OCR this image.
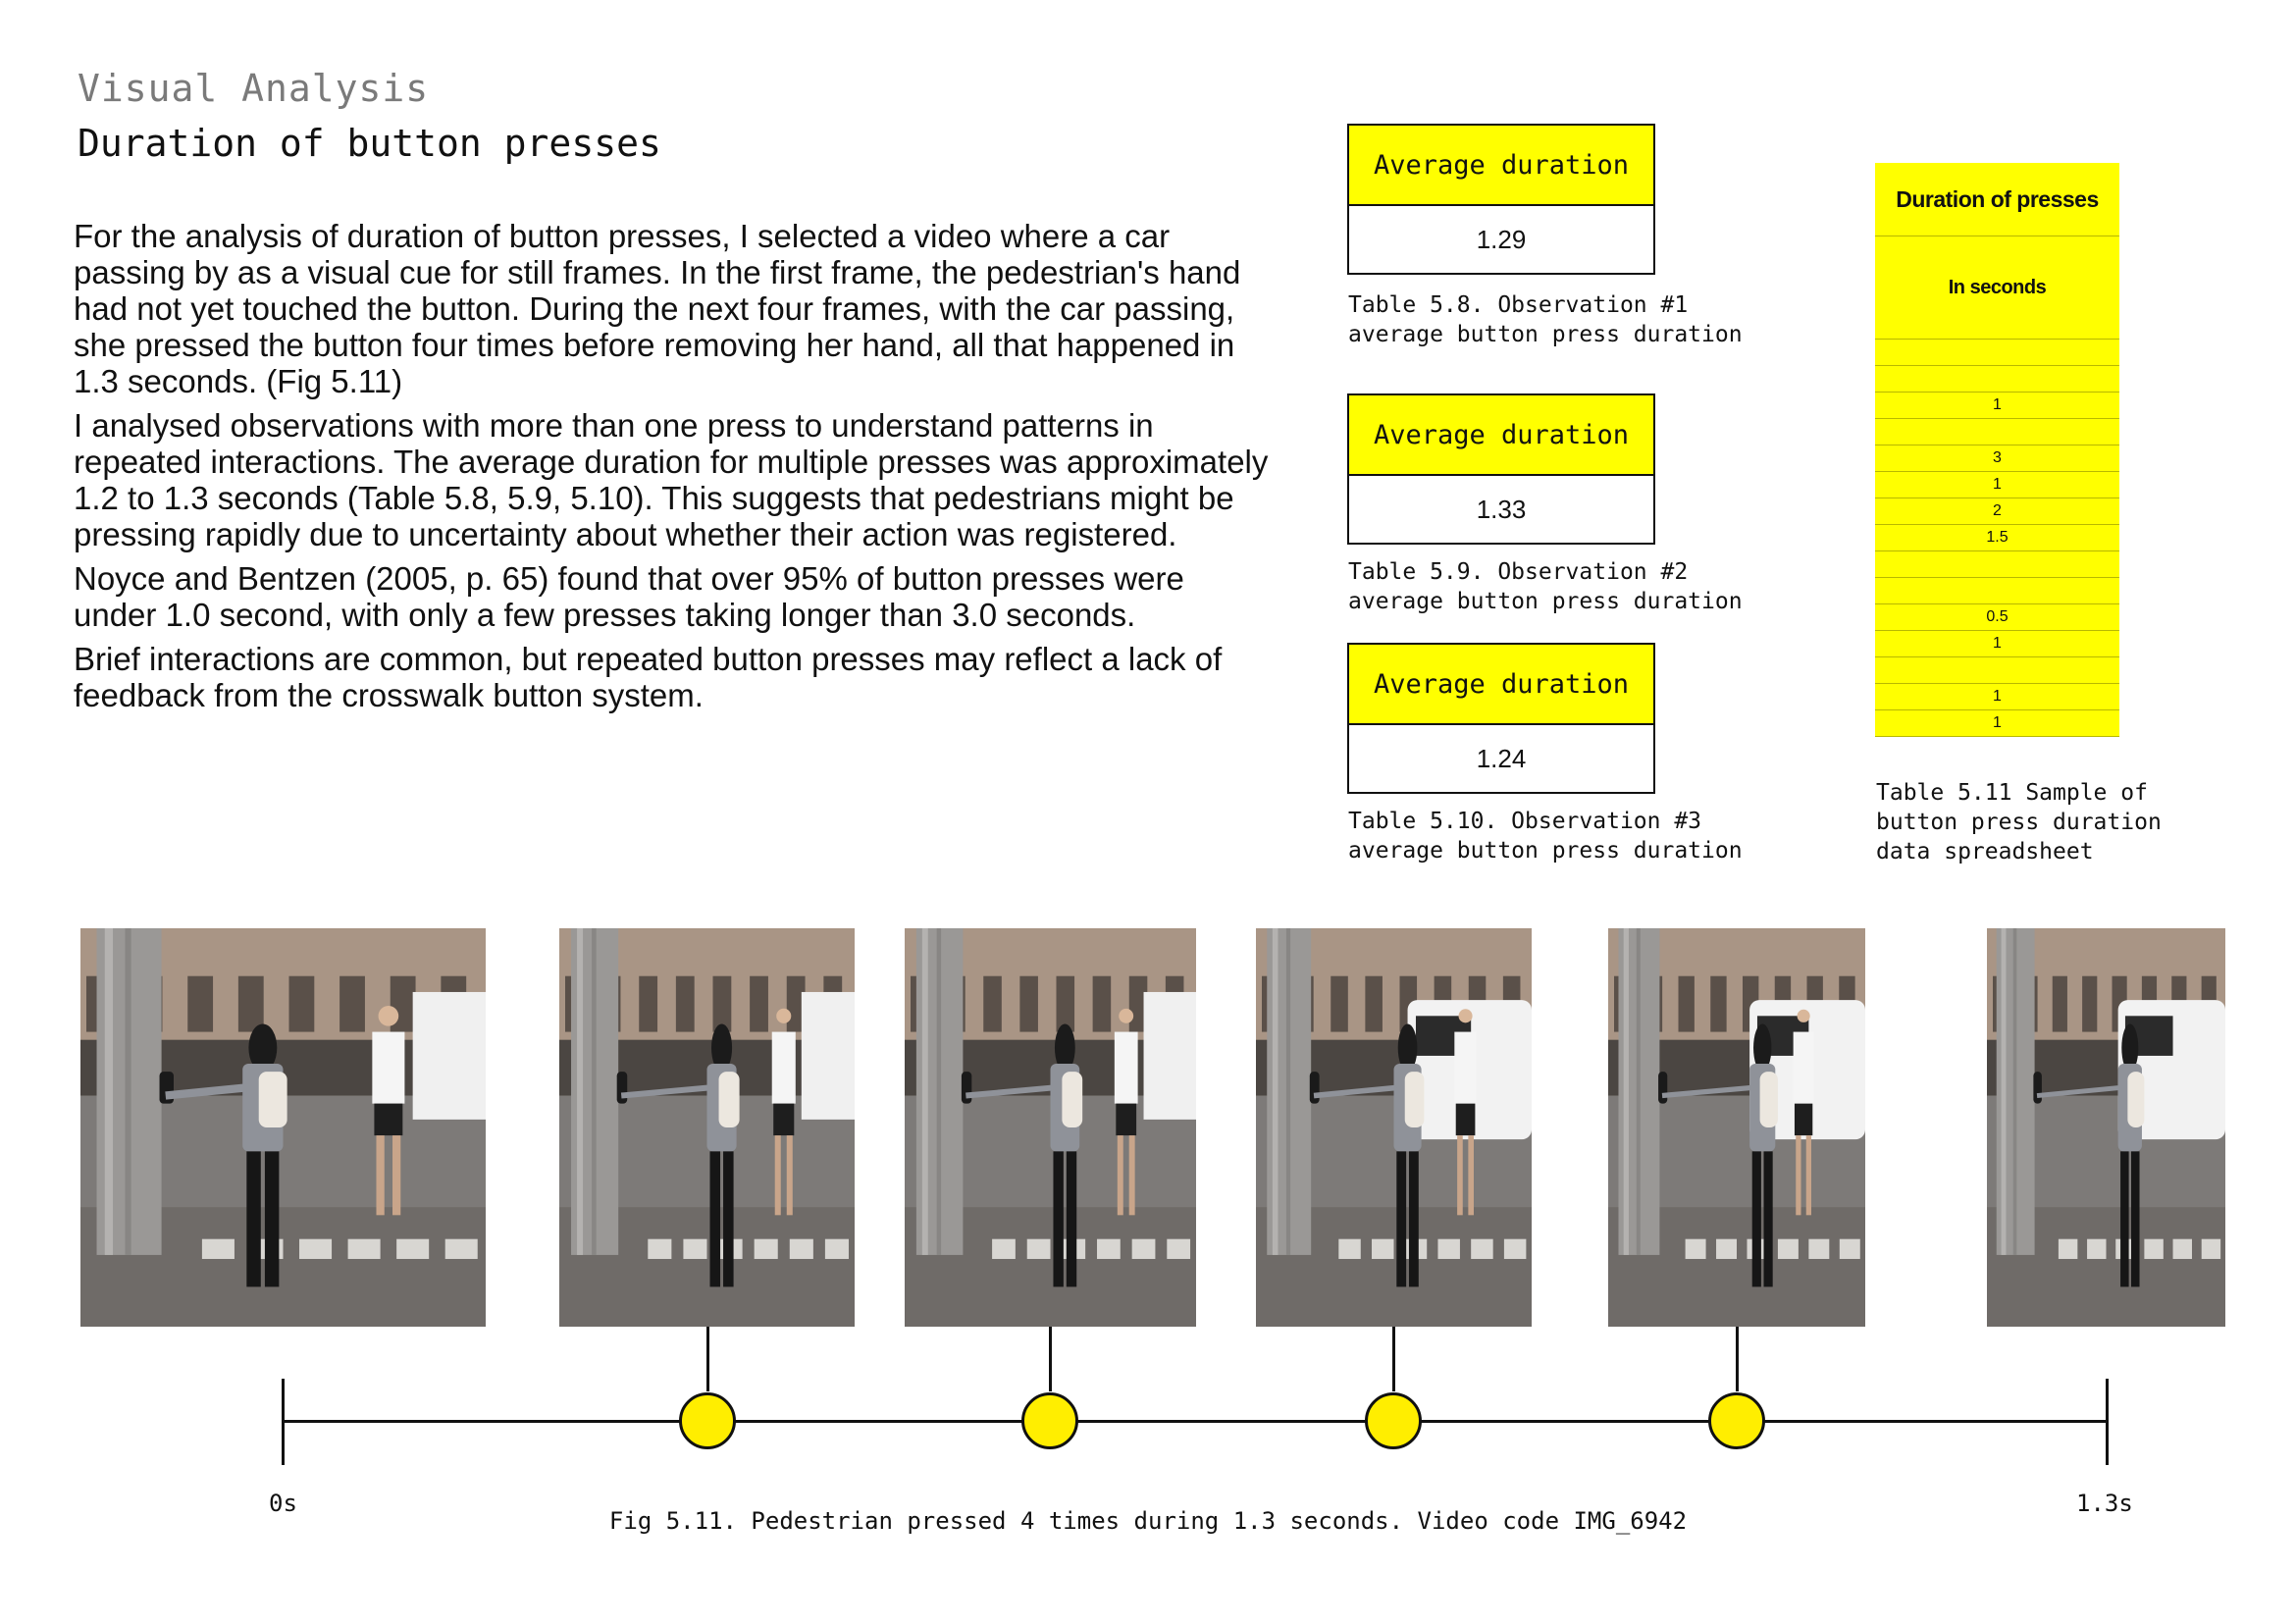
Visual Analysis
Duration of button presses

For the analysis of duration of button presses, I selected a video where a car passing by as a visual cue for still frames. In the first frame, the pedestrian's hand had not yet touched the button. During the next four frames, with the car passing, she pressed the button four times before removing her hand, all that happened in 1.3 seconds. (Fig 5.11)

I analysed observations with more than one press to understand patterns in repeated interactions. The average duration for multiple presses was approximately 1.2 to 1.3 seconds (Table 5.8, 5.9, 5.10). This suggests that pedestrians might be pressing rapidly due to uncertainty about whether their action was registered.

Noyce and Bentzen (2005, p. 65) found that over 95% of button presses were under 1.0 second, with only a few presses taking longer than 3.0 seconds.

Brief interactions are common, but repeated button presses may reflect a lack of feedback from the crosswalk button system.

Average duration
1.29
Table 5.8. Observation #1
average button press duration
Average duration
1.33
Table 5.9. Observation #2
average button press duration
Average duration
1.24
Table 5.10. Observation #3
average button press duration
Duration of presses
In seconds
1
3
1
2
1.5
0.5
1
1
1
Table 5.11 Sample of
button press duration
data spreadsheet
0s	1.3s
Fig 5.11. Pedestrian pressed 4 times during 1.3 seconds. Video code IMG_6942
